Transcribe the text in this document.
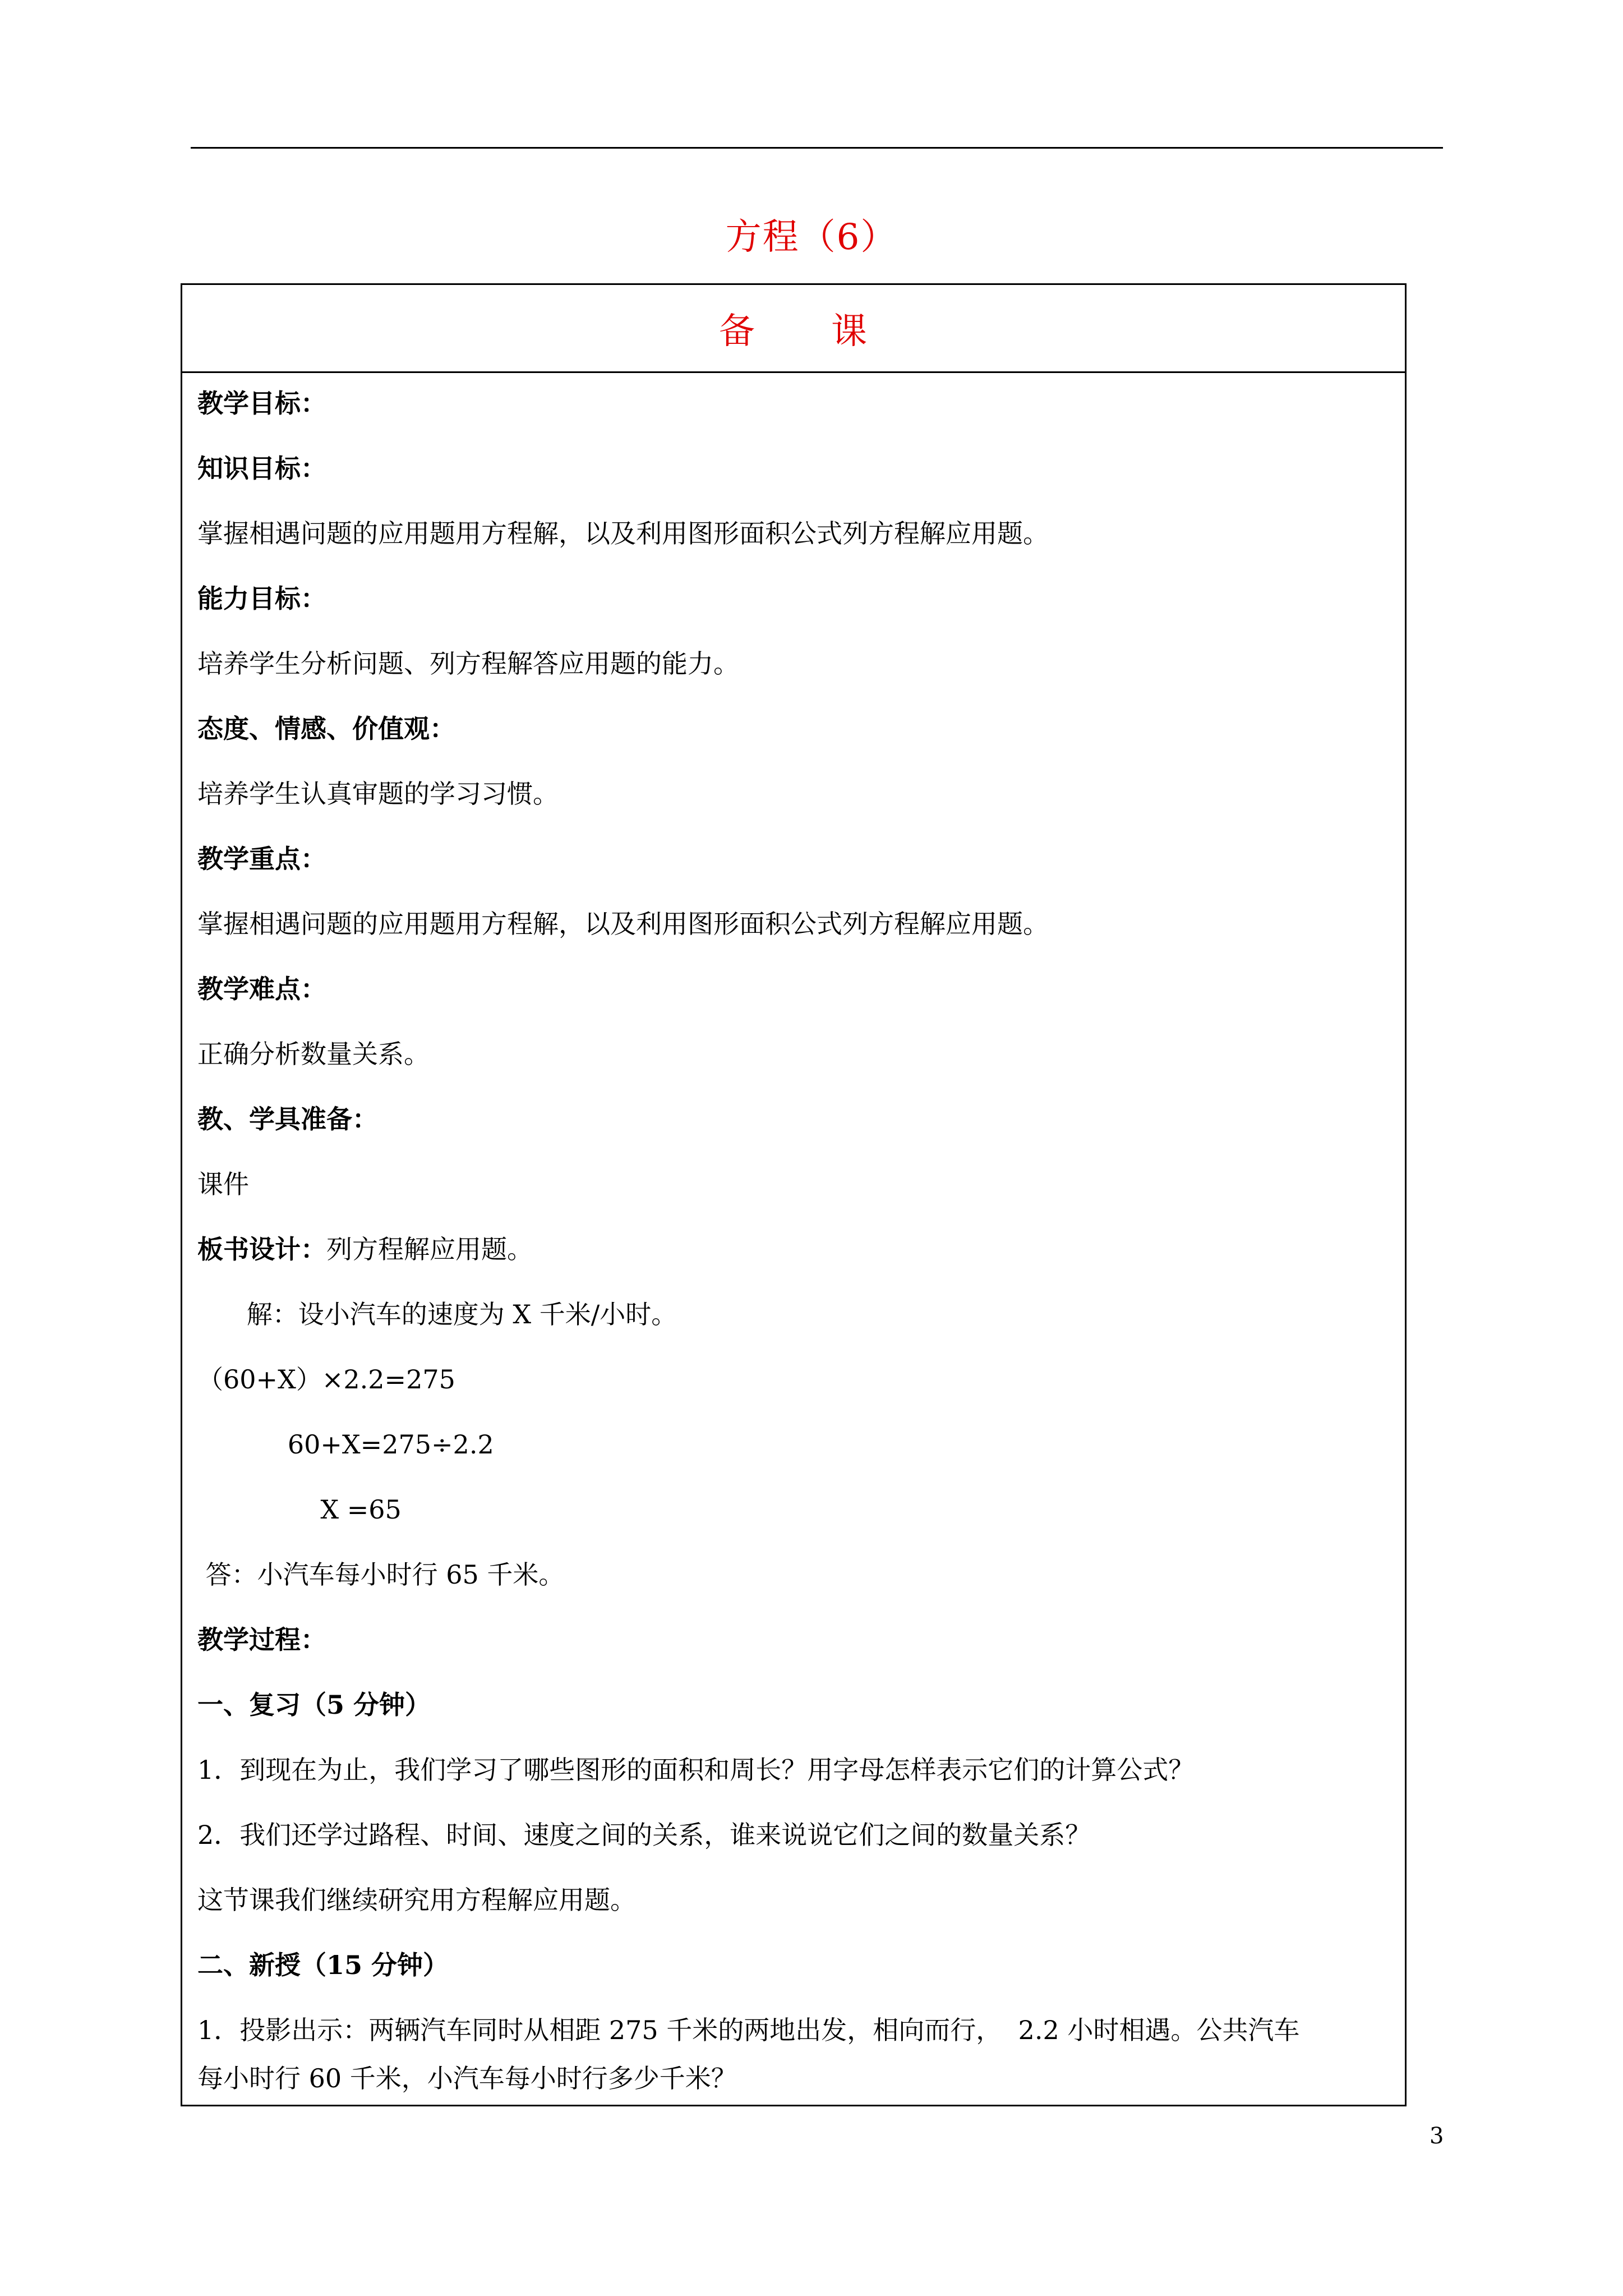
方程（6）
备      课
教学目标：
知识目标：
掌握相遇问题的应用题用方程解，以及利用图形面积公式列方程解应用题。
能力目标：
培养学生分析问题、列方程解答应用题的能力。
态度、情感、价值观：
培养学生认真审题的学习习惯。
教学重点：
掌握相遇问题的应用题用方程解，以及利用图形面积公式列方程解应用题。
教学难点：
正确分析数量关系。
教、学具准备：
课件
板书设计：列方程解应用题。
解：设小汽车的速度为 X 千米/小时。
（60+X）×2.2=275
60+X=275÷2.2
X =65
答：小汽车每小时行 65 千米。
教学过程：
一、复习（5 分钟）
1．到现在为止，我们学习了哪些图形的面积和周长？用字母怎样表示它们的计算公式？
2．我们还学过路程、时间、速度之间的关系，谁来说说它们之间的数量关系？
这节课我们继续研究用方程解应用题。
二、新授（15 分钟）
1．投影出示：两辆汽车同时从相距 275 千米的两地出发，相向而行，  2.2 小时相遇。公共汽车
每小时行 60 千米，小汽车每小时行多少千米？
3
